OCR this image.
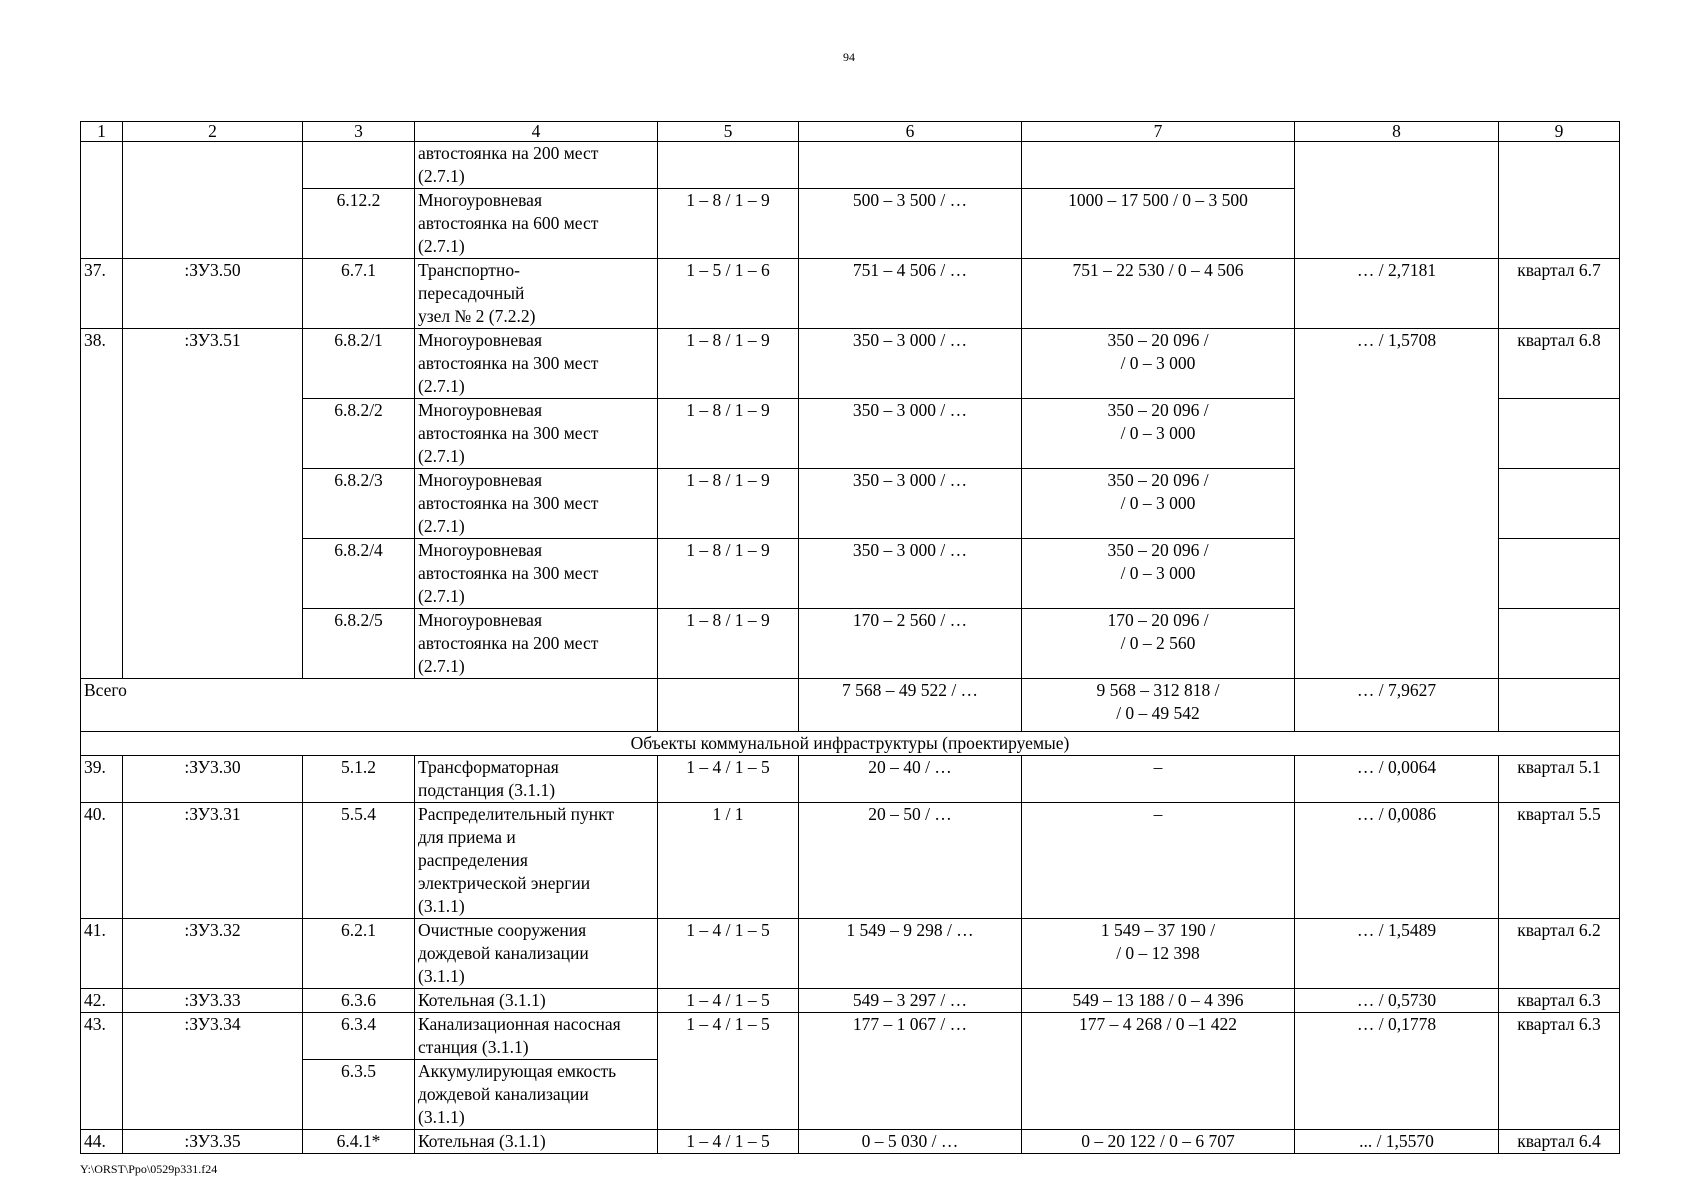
94
1	2	3	4	5	6	7	8	9

			автостоянка на 200 мест
(2.7.1)					

		6.12.2	Многоуровневая
автостоянка на 600 мест
(2.7.1)	1 – 8 / 1 – 9	500 – 3 500 / …	1000 – 17 500 / 0 – 3 500		
37.	:ЗУ3.50	6.7.1	Транспортно-
пересадочный
узел № 2 (7.2.2)	1 – 5 / 1 – 6	751 – 4 506 / …	751 – 22 530 / 0 – 4 506	… / 2,7181	квартал 6.7
38.	:ЗУ3.51	6.8.2/1	Многоуровневая
автостоянка на 300 мест
(2.7.1)	1 – 8 / 1 – 9	350 – 3 000 / …	350 – 20 096 /
/ 0 – 3 000	… / 1,5708	квартал 6.8
		6.8.2/2	Многоуровневая
автостоянка на 300 мест
(2.7.1)	1 – 8 / 1 – 9	350 – 3 000 / …	350 – 20 096 /
/ 0 – 3 000		

		6.8.2/3	Многоуровневая
автостоянка на 300 мест
(2.7.1)	1 – 8 / 1 – 9	350 – 3 000 / …	350 – 20 096 /
/ 0 – 3 000		

		6.8.2/4	Многоуровневая
автостоянка на 300 мест
(2.7.1)	1 – 8 / 1 – 9	350 – 3 000 / …	350 – 20 096 /
/ 0 – 3 000		

		6.8.2/5	Многоуровневая
автостоянка на 200 мест
(2.7.1)	1 – 8 / 1 – 9	170 – 2 560 / …	170 – 20 096 /
/ 0 – 2 560		

Всего					7 568 – 49 522 / …	9 568 – 312 818 /
/ 0 – 49 542	… / 7,9627	
Объекты коммунальной инфраструктуры (проектируемые)								
39.	:ЗУ3.30	5.1.2	Трансформаторная
подстанция (3.1.1)	1 – 4 / 1 – 5	20 – 40 / …	–	… / 0,0064	квартал 5.1
40.	:ЗУ3.31	5.5.4	Распределительный пункт
для приема и
распределения
электрической энергии
(3.1.1)	1 / 1	20 – 50 / …	–	… / 0,0086	квартал 5.5
41.	:ЗУ3.32	6.2.1	Очистные сооружения
дождевой канализации
(3.1.1)	1 – 4 / 1 – 5	1 549 – 9 298 / …	1 549 – 37 190 /
/ 0 – 12 398	… / 1,5489	квартал 6.2
42.	:ЗУ3.33	6.3.6	Котельная (3.1.1)	1 – 4 / 1 – 5	549 – 3 297 / …	549 – 13 188 / 0 – 4 396	… / 0,5730	квартал 6.3
43.	:ЗУ3.34	6.3.4	Канализационная насосная
станция (3.1.1)	1 – 4 / 1 – 5	177 – 1 067 / …	177 – 4 268 / 0 –1 422	… / 0,1778	квартал 6.3
		6.3.5	Аккумулирующая емкость
дождевой канализации
(3.1.1)					

44.	:ЗУ3.35	6.4.1*	Котельная (3.1.1)	1 – 4 / 1 – 5	0 – 5 030 / …	0 – 20 122 / 0 – 6 707	... / 1,5570	квартал 6.4
Y:\ORST\Ppo\0529p331.f24
